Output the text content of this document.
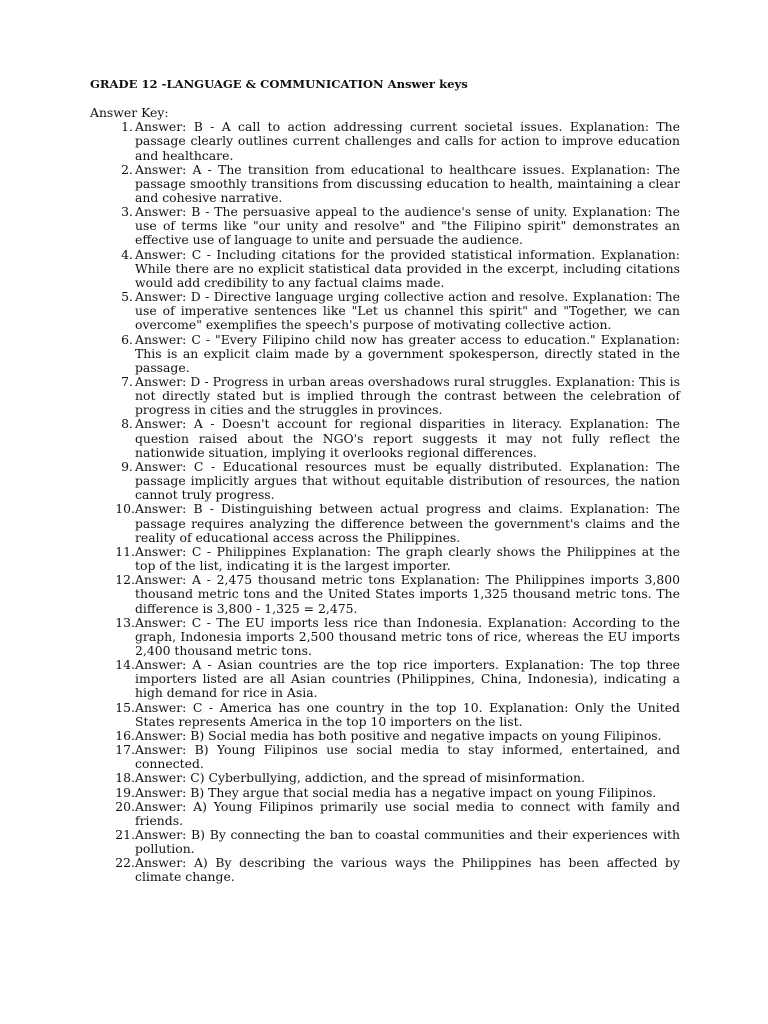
GRADE 12 -LANGUAGE & COMMUNICATION Answer keys
Answer Key:
1. Answer: B - A call to action addressing current societal issues. Explanation: The passage clearly outlines current challenges and calls for action to improve education and healthcare.
2. Answer: A - The transition from educational to healthcare issues. Explanation: The passage smoothly transitions from discussing education to health, maintaining a clear and cohesive narrative.
3. Answer: B - The persuasive appeal to the audience's sense of unity. Explanation: The use of terms like "our unity and resolve" and "the Filipino spirit" demonstrates an effective use of language to unite and persuade the audience.
4. Answer: C - Including citations for the provided statistical information. Explanation: While there are no explicit statistical data provided in the excerpt, including citations would add credibility to any factual claims made.
5. Answer: D - Directive language urging collective action and resolve. Explanation: The use of imperative sentences like "Let us channel this spirit" and "Together, we can overcome" exemplifies the speech's purpose of motivating collective action.
6. Answer: C - "Every Filipino child now has greater access to education." Explanation: This is an explicit claim made by a government spokesperson, directly stated in the passage.
7. Answer: D - Progress in urban areas overshadows rural struggles. Explanation: This is not directly stated but is implied through the contrast between the celebration of progress in cities and the struggles in provinces.
8. Answer: A - Doesn't account for regional disparities in literacy. Explanation: The question raised about the NGO's report suggests it may not fully reflect the nationwide situation, implying it overlooks regional differences.
9. Answer: C - Educational resources must be equally distributed. Explanation: The passage implicitly argues that without equitable distribution of resources, the nation cannot truly progress.
10. Answer: B - Distinguishing between actual progress and claims. Explanation: The passage requires analyzing the difference between the government's claims and the reality of educational access across the Philippines.
11. Answer: C - Philippines Explanation: The graph clearly shows the Philippines at the top of the list, indicating it is the largest importer.
12. Answer: A - 2,475 thousand metric tons Explanation: The Philippines imports 3,800 thousand metric tons and the United States imports 1,325 thousand metric tons. The difference is 3,800 - 1,325 = 2,475.
13. Answer: C - The EU imports less rice than Indonesia. Explanation: According to the graph, Indonesia imports 2,500 thousand metric tons of rice, whereas the EU imports 2,400 thousand metric tons.
14. Answer: A - Asian countries are the top rice importers. Explanation: The top three importers listed are all Asian countries (Philippines, China, Indonesia), indicating a high demand for rice in Asia.
15. Answer: C - America has one country in the top 10. Explanation: Only the United States represents America in the top 10 importers on the list.
16. Answer: B) Social media has both positive and negative impacts on young Filipinos.
17. Answer: B) Young Filipinos use social media to stay informed, entertained, and connected.
18. Answer: C) Cyberbullying, addiction, and the spread of misinformation.
19. Answer: B) They argue that social media has a negative impact on young Filipinos.
20. Answer: A) Young Filipinos primarily use social media to connect with family and friends.
21. Answer: B) By connecting the ban to coastal communities and their experiences with pollution.
22. Answer: A) By describing the various ways the Philippines has been affected by climate change.
